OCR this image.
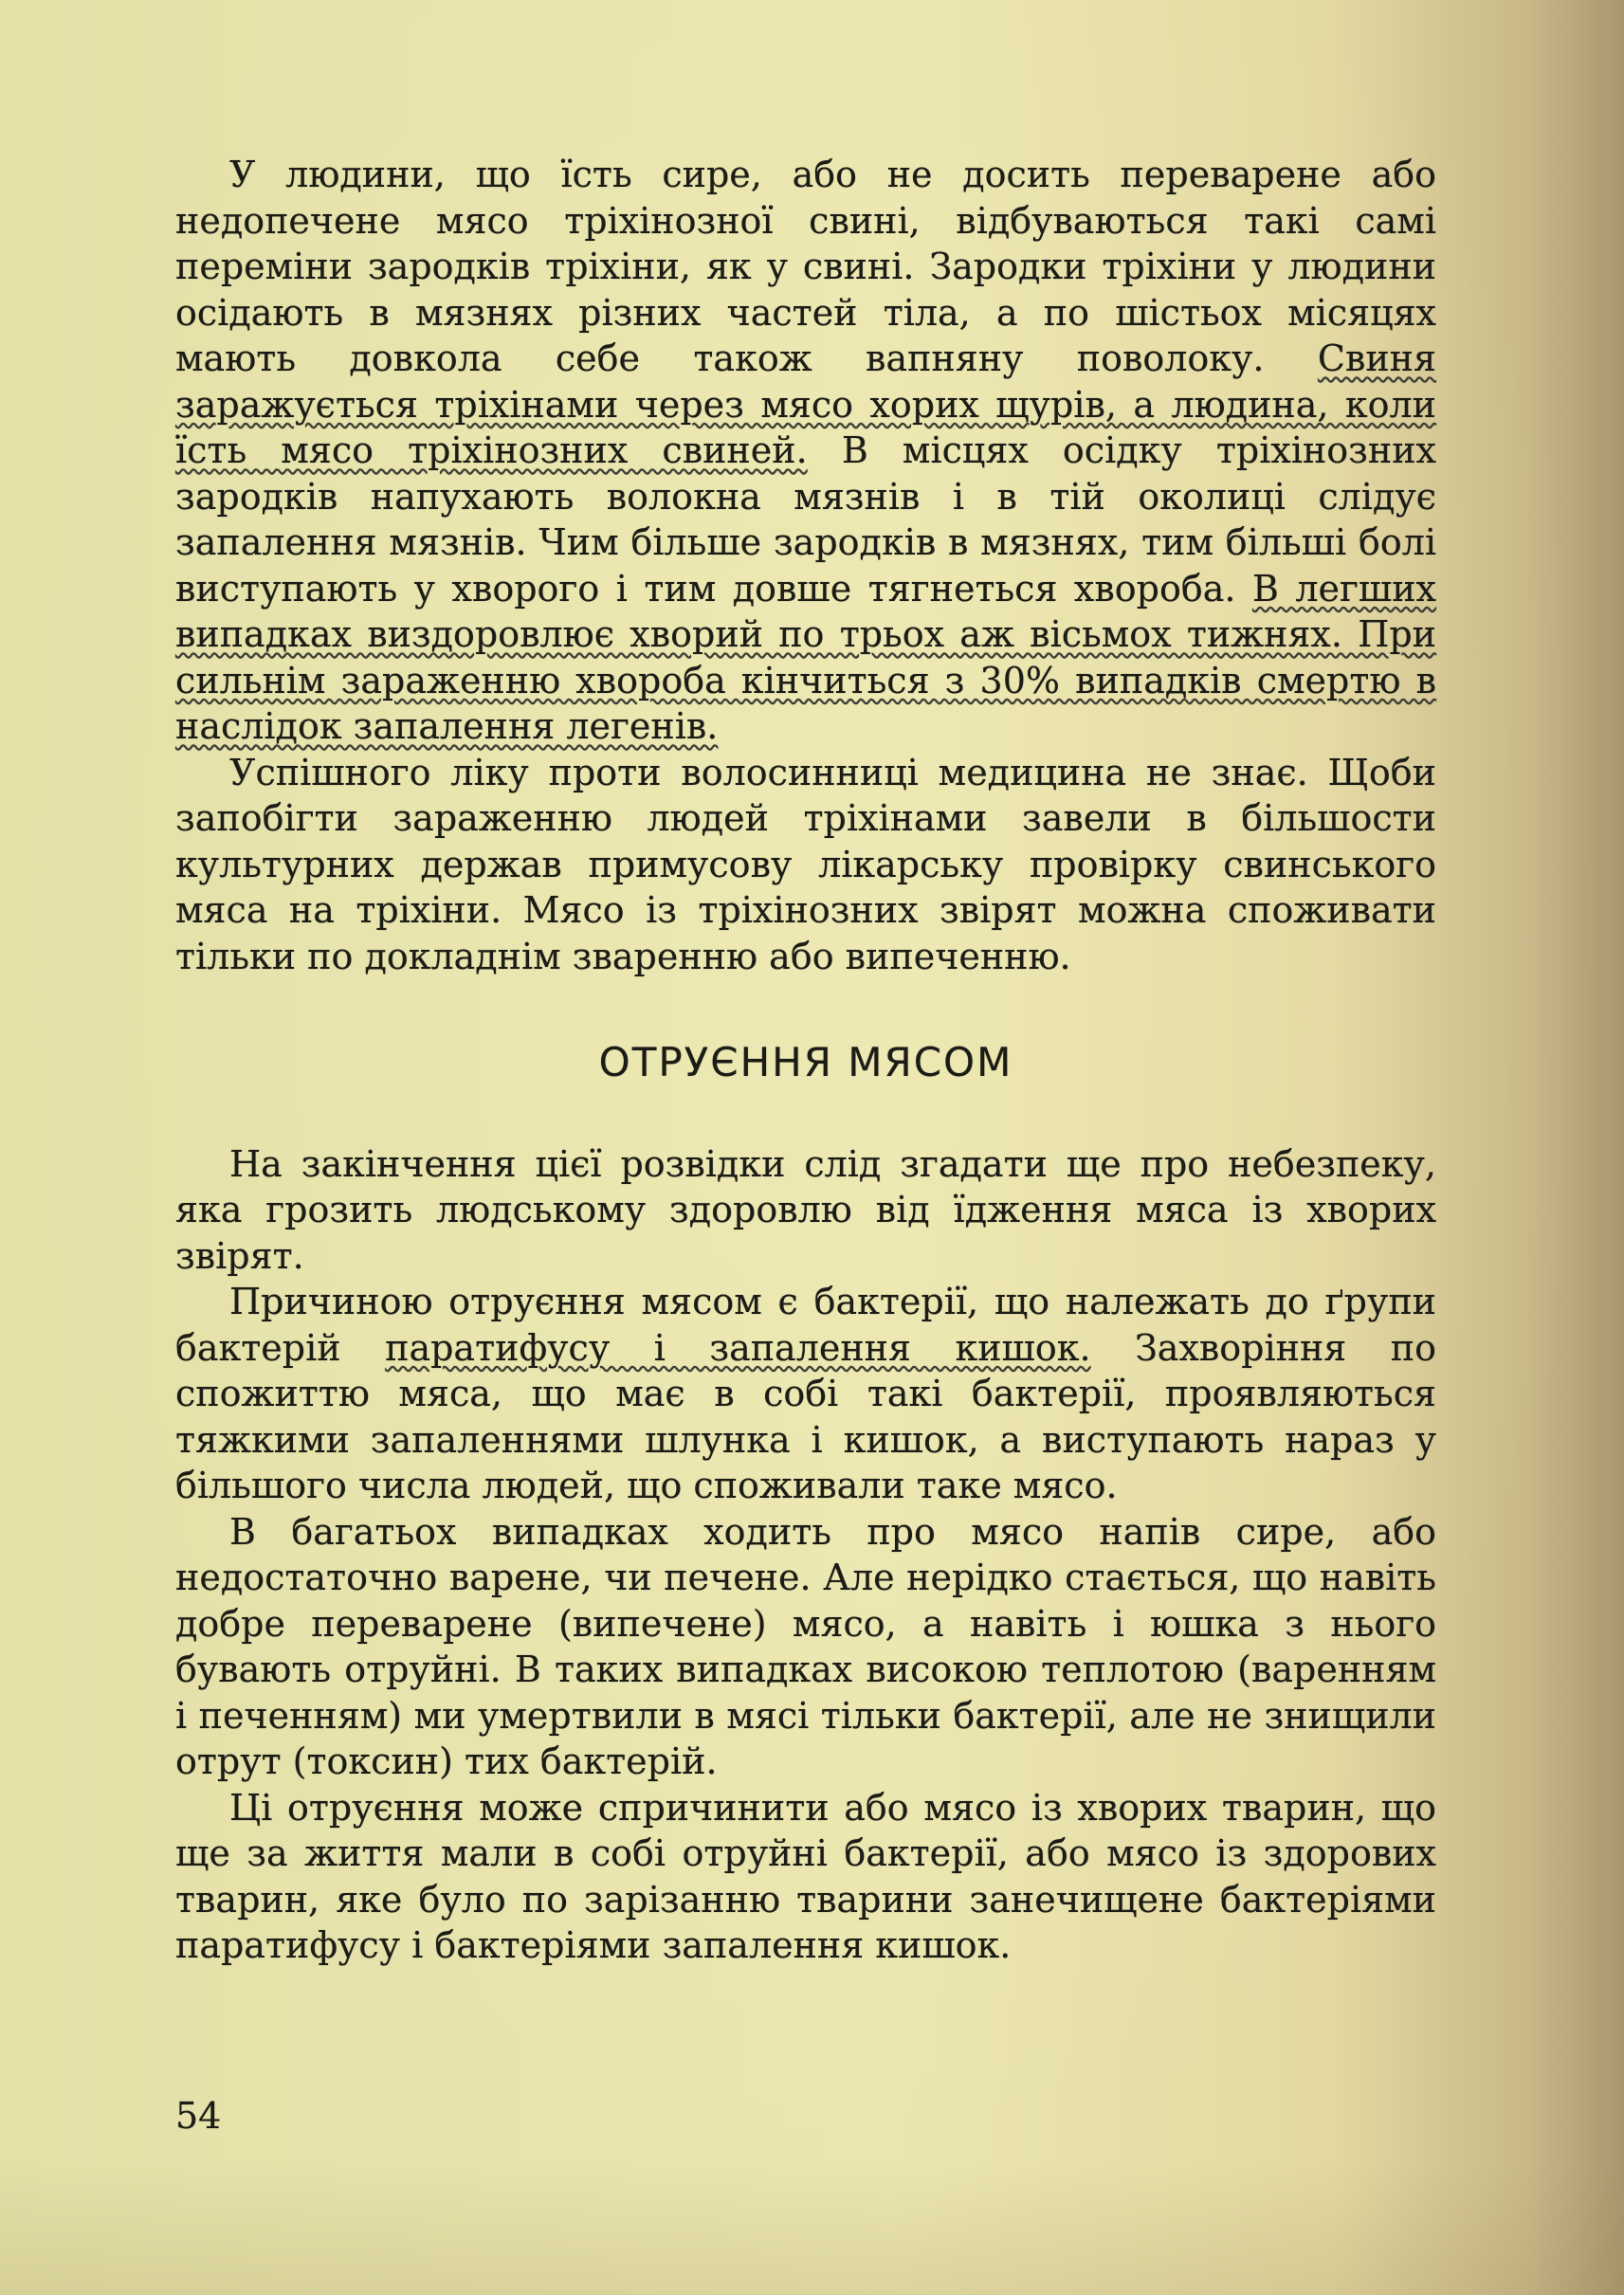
У людини, що їсть сире, або не досить переварене або недопечене мясо тріхінозної свині, відбуваються такі самі переміни зародків тріхіни, як у свині. Зародки тріхіни у людини осідають в мязнях різних частей тіла, а по шістьох місяцях мають довкола себе також вапняну поволоку. Свиня заражується тріхінами через мясо хорих щурів, а людина, коли їсть мясо тріхінозних свиней. В місцях осідку тріхінозних зародків напухають волокна мязнів і в тій околиці слідує запалення мязнів. Чим більше зародків в мязнях, тим більші болі виступають у хворого і тим довше тягнеться хвороба. В легших випадках виздоровлює хворий по трьох аж вісьмох тижнях. При сильнім зараженню хвороба кінчиться з 30% випадків смертю в наслідок запалення легенів.

Успішного ліку проти волосинниці медицина не знає. Щоби запобігти зараженню людей тріхінами завели в більшости культурних держав примусову лікарську провірку свинського мяса на тріхіни. Мясо із тріхінозних звірят можна споживати тільки по докладнім зваренню або випеченню.

ОТРУЄННЯ МЯСОМ

На закінчення цієї розвідки слід згадати ще про небезпеку, яка грозить людському здоровлю від їдження мяса із хворих звірят.

Причиною отруєння мясом є бактерії, що належать до ґрупи бактерій паратифусу і запалення кишок. Захворіння по спожиттю мяса, що має в собі такі бактерії, проявляються тяжкими запаленнями шлунка і кишок, а виступають нараз у більшого числа людей, що споживали таке мясо.

В багатьох випадках ходить про мясо напів сире, або недостаточно варене, чи печене. Але нерідко стається, що навіть добре переварене (випечене) мясо, а навіть і юшка з нього бувають отруйні. В таких випадках високою теплотою (варенням і печенням) ми умертвили в мясі тільки бактерії, але не знищили отрут (токсин) тих бактерій.

Ці отруєння може спричинити або мясо із хворих тварин, що ще за життя мали в собі отруйні бактерії, або мясо із здорових тварин, яке було по зарізанню тварини занечищене бактеріями паратифусу і бактеріями запалення кишок.

54
